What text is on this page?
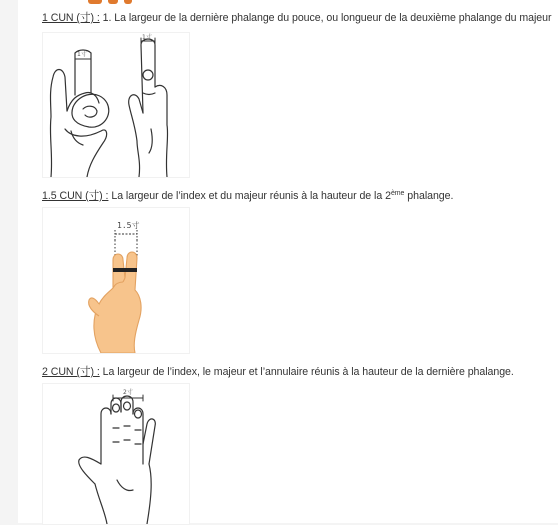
1 CUN (寸) : 1. La largeur de la dernière phalange du pouce, ou longueur de la deuxième phalange du majeur
1寸
1寸
1.5 CUN (寸) : La largeur de l’index et du majeur réunis à la hauteur de la 2ème phalange.
1.5寸
2 CUN (寸) : La largeur de l’index, le majeur et l’annulaire réunis à la hauteur de la dernière phalange.
2寸
